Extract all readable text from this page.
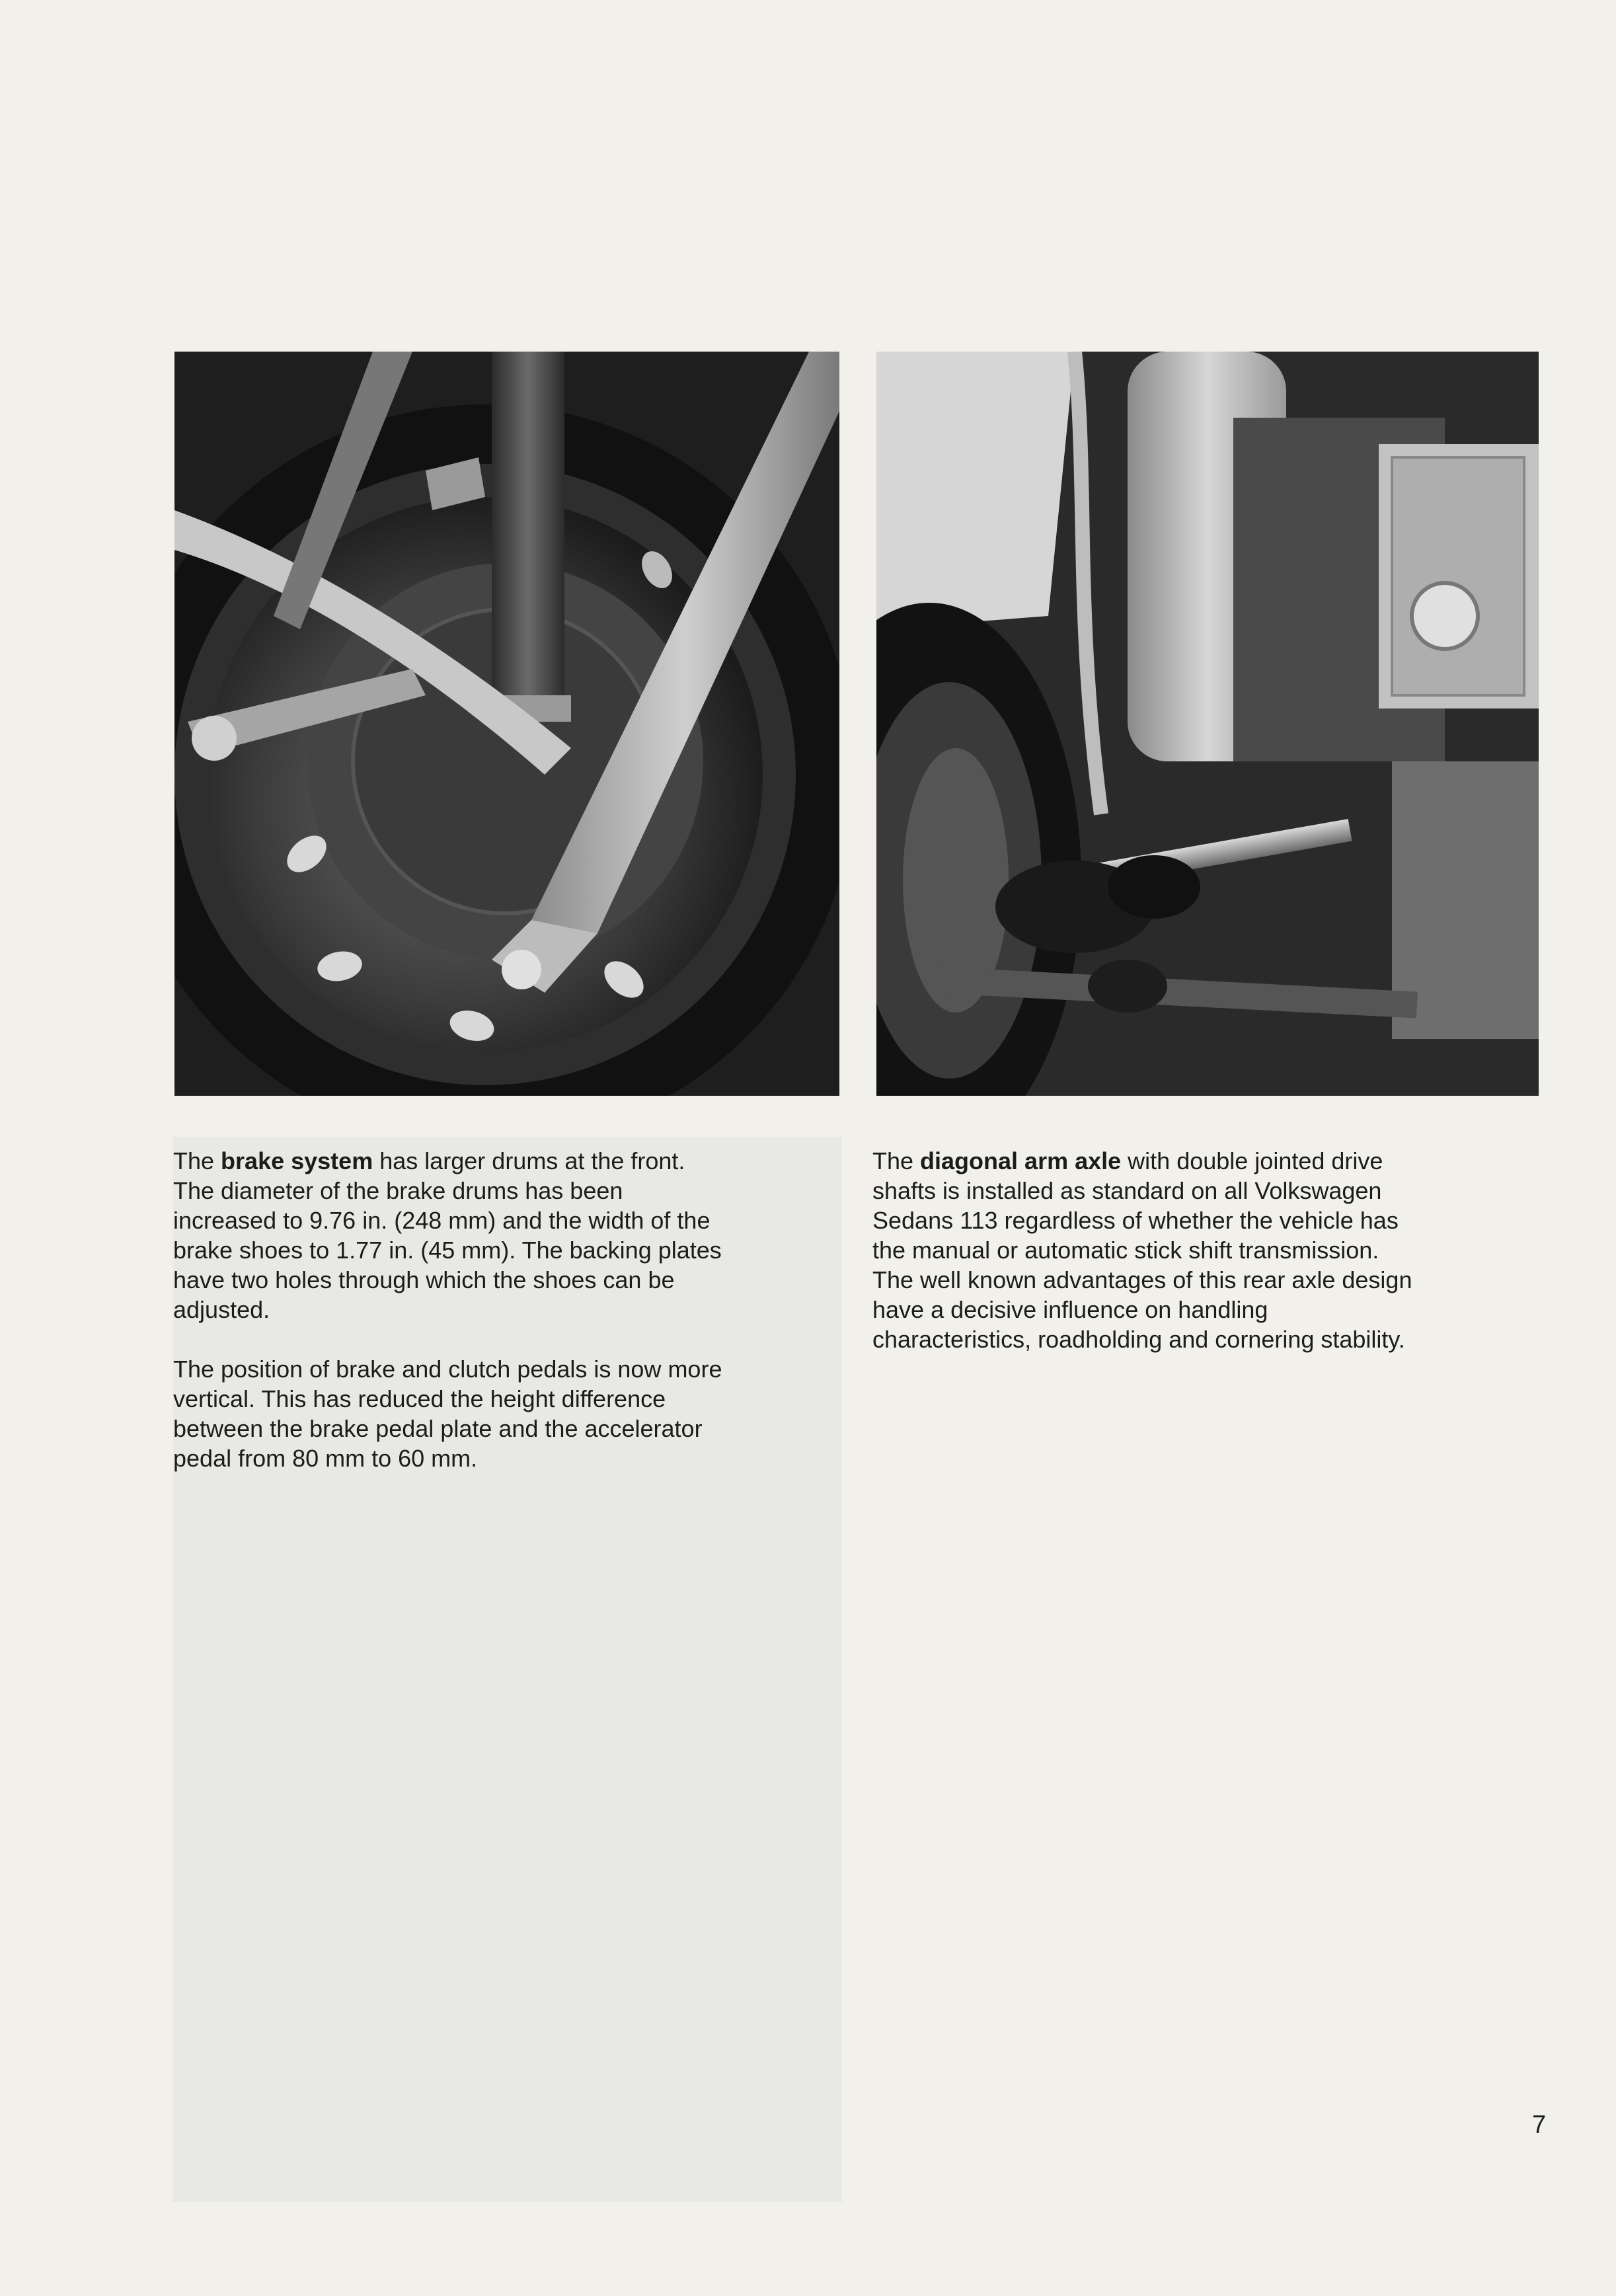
The brake system has larger drums at the front.

The diameter of the brake drums has been

increased to 9.76 in. (248 mm) and the width of the

brake shoes to 1.77 in. (45 mm). The backing plates

have two holes through which the shoes can be

adjusted.

The position of brake and clutch pedals is now more

vertical. This has reduced the height difference

between the brake pedal plate and the accelerator

pedal from 80 mm to 60 mm.

The diagonal arm axle with double jointed drive

shafts is installed as standard on all Volkswagen

Sedans 113 regardless of whether the vehicle has

the manual or automatic stick shift transmission.

The well known advantages of this rear axle design

have a decisive influence on handling

characteristics, roadholding and cornering stability.

7
